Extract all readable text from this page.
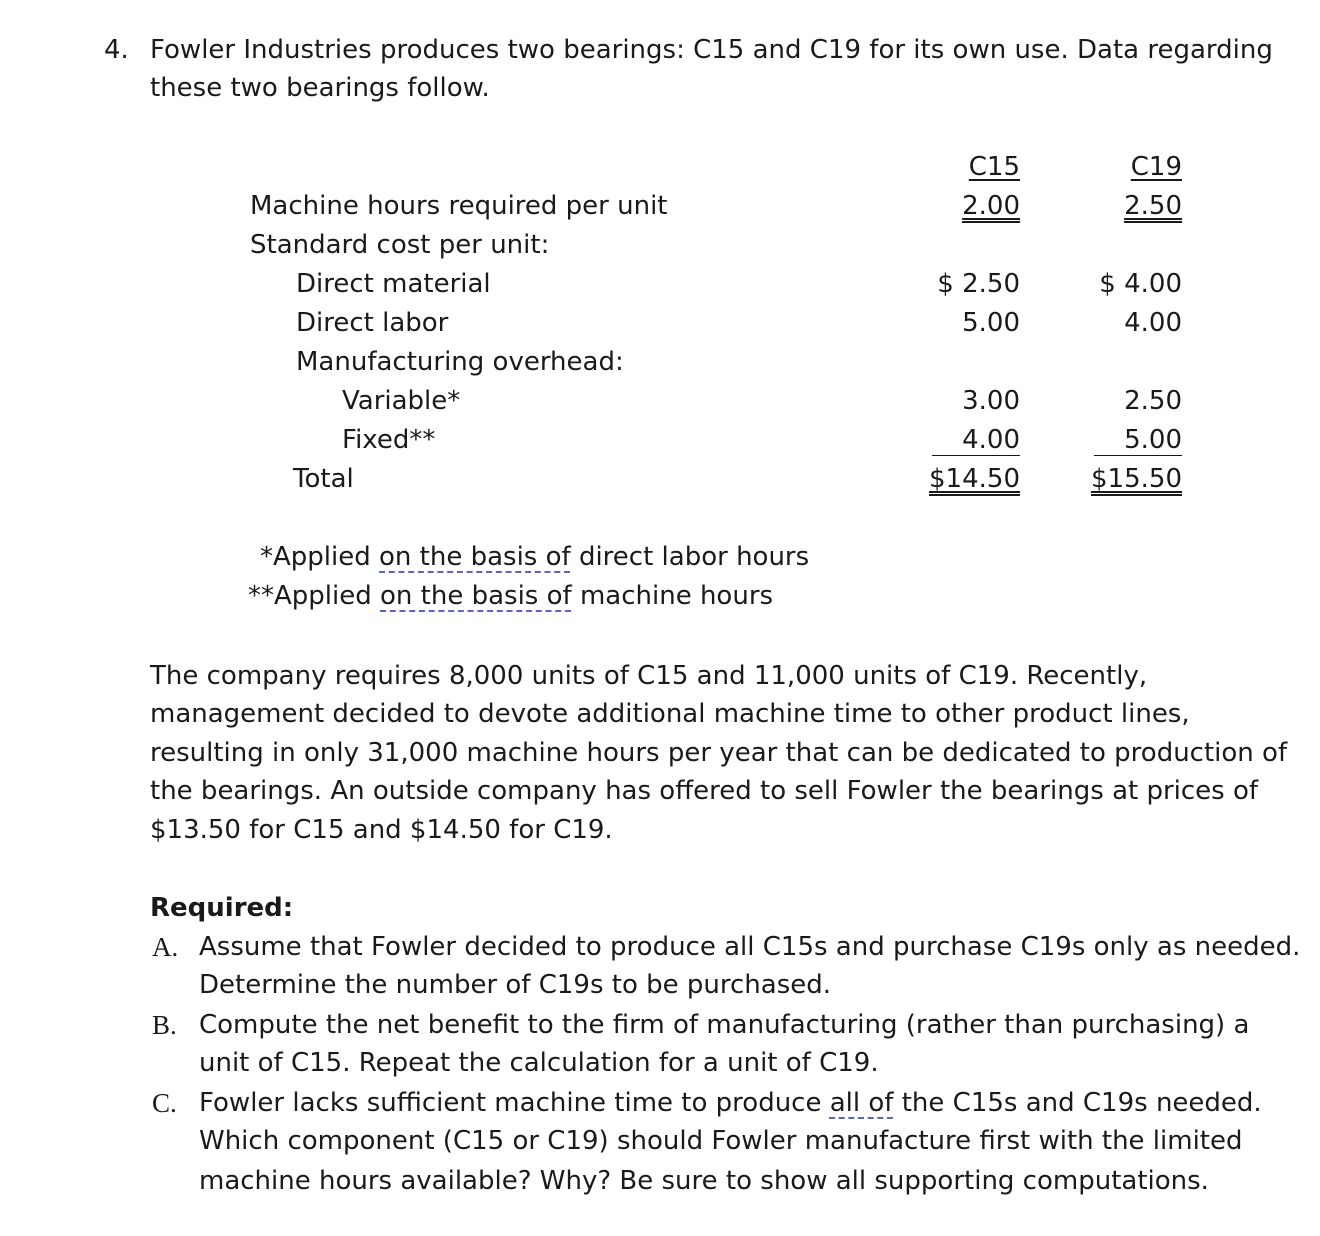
4. Fowler Industries produces two bearings: C15 and C19 for its own use. Data regarding
these two bearings follow.
C15	C19
Machine hours required per unit	2.00	2.50
Standard cost per unit:
Direct material	$ 2.50	$ 4.00
Direct labor	5.00	4.00
Manufacturing overhead:
Variable*	3.00	2.50
Fixed**	4.00	5.00
Total	$14.50	$15.50
*Applied on the basis of direct labor hours
**Applied on the basis of machine hours
The company requires 8,000 units of C15 and 11,000 units of C19. Recently,
management decided to devote additional machine time to other product lines,
resulting in only 31,000 machine hours per year that can be dedicated to production of
the bearings. An outside company has offered to sell Fowler the bearings at prices of
$13.50 for C15 and $14.50 for C19.
Required:
A. Assume that Fowler decided to produce all C15s and purchase C19s only as needed.
Determine the number of C19s to be purchased.
B. Compute the net benefit to the firm of manufacturing (rather than purchasing) a
unit of C15. Repeat the calculation for a unit of C19.
C. Fowler lacks sufficient machine time to produce all of the C15s and C19s needed.
Which component (C15 or C19) should Fowler manufacture first with the limited
machine hours available? Why? Be sure to show all supporting computations.
